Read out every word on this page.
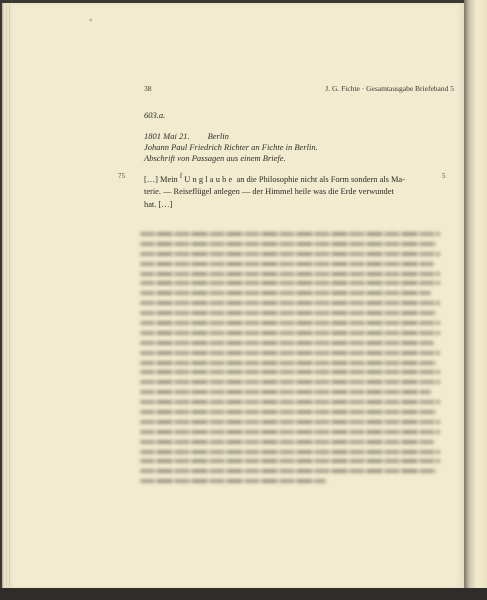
«
38	J. G. Fichte · Gesamtausgabe Briefeband 5
603.a.
1801 Mai 21. Berlin
Johann Paul Friedrich Richter an Fichte in Berlin.
Abschrift von Passagen aus einem Briefe.
75	5
[…] Mein $^f$ Unglaube an die Philosophie nicht als Form sondern als Ma-
terie. — Reiseflügel anlegen — der Himmel heile was die Erde verwundet
hat. […]
